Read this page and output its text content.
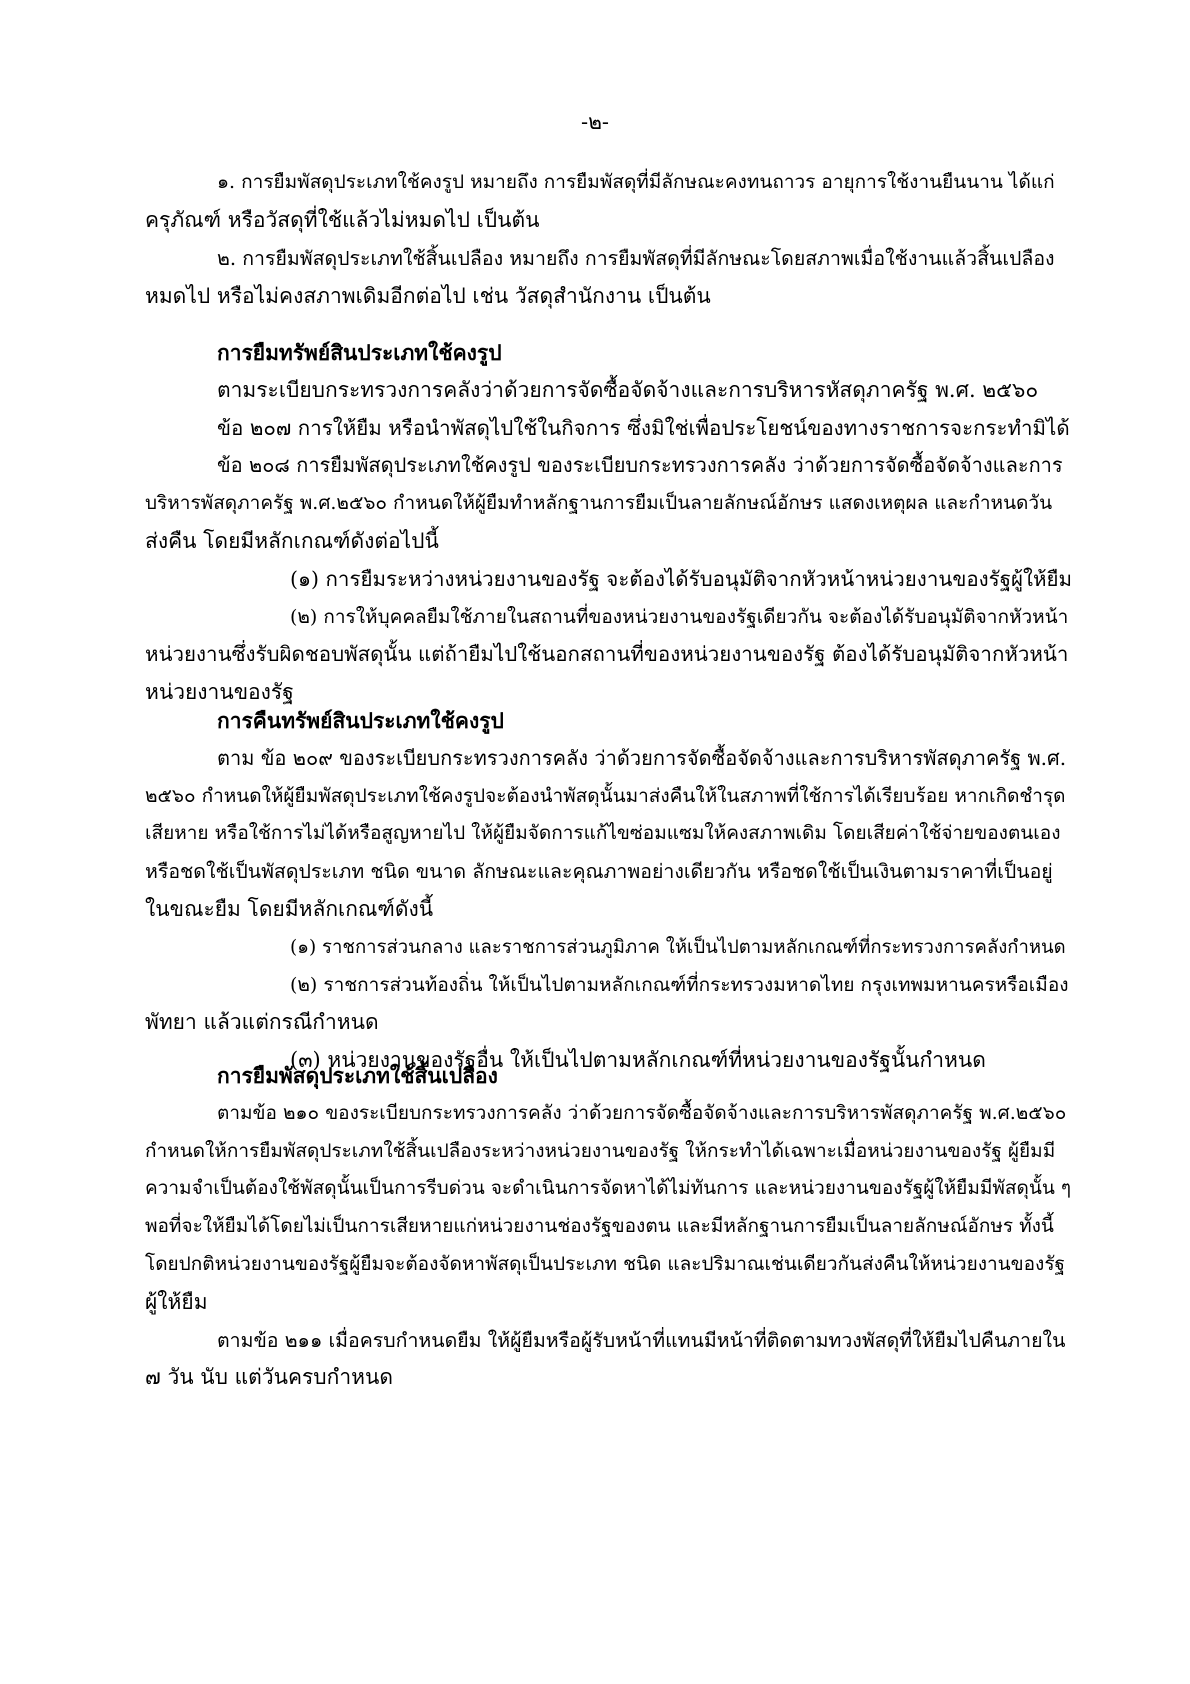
-๒-

๑. การยืมพัสดุประเภทใช้คงรูป หมายถึง การยืมพัสดุที่มีลักษณะคงทนถาวร อายุการใช้งานยืนนาน ได้แก่
ครุภัณฑ์ หรือวัสดุที่ใช้แล้วไม่หมดไป เป็นต้น

๒. การยืมพัสดุประเภทใช้สิ้นเปลือง หมายถึง การยืมพัสดุที่มีลักษณะโดยสภาพเมื่อใช้งานแล้วสิ้นเปลือง
หมดไป หรือไม่คงสภาพเดิมอีกต่อไป เช่น วัสดุสำนักงาน เป็นต้น

การยืมทรัพย์สินประเภทใช้คงรูป
ตามระเบียบกระทรวงการคลังว่าด้วยการจัดซื้อจัดจ้างและการบริหารหัสดุภาครัฐ พ.ศ. ๒๕๖๐
ข้อ ๒๐๗ การให้ยืม หรือนำพัสดุไปใช้ในกิจการ ซึ่งมิใช่เพื่อประโยชน์ของทางราชการจะกระทำมิได้
ข้อ ๒๐๘ การยืมพัสดุประเภทใช้คงรูป ของระเบียบกระทรวงการคลัง ว่าด้วยการจัดซื้อจัดจ้างและการ
บริหารพัสดุภาครัฐ พ.ศ.๒๕๖๐ กำหนดให้ผู้ยืมทำหลักฐานการยืมเป็นลายลักษณ์อักษร แสดงเหตุผล และกำหนดวัน
ส่งคืน โดยมีหลักเกณฑ์ดังต่อไปนี้
(๑) การยืมระหว่างหน่วยงานของรัฐ จะต้องได้รับอนุมัติจากหัวหน้าหน่วยงานของรัฐผู้ให้ยืม
(๒) การให้บุคคลยืมใช้ภายในสถานที่ของหน่วยงานของรัฐเดียวกัน จะต้องได้รับอนุมัติจากหัวหน้า
หน่วยงานซึ่งรับผิดชอบพัสดุนั้น แต่ถ้ายืมไปใช้นอกสถานที่ของหน่วยงานของรัฐ ต้องได้รับอนุมัติจากหัวหน้า
หน่วยงานของรัฐ

การคืนทรัพย์สินประเภทใช้คงรูป
ตาม ข้อ ๒๐๙ ของระเบียบกระทรวงการคลัง ว่าด้วยการจัดซื้อจัดจ้างและการบริหารพัสดุภาครัฐ พ.ศ.
๒๕๖๐ กำหนดให้ผู้ยืมพัสดุประเภทใช้คงรูปจะต้องนำพัสดุนั้นมาส่งคืนให้ในสภาพที่ใช้การได้เรียบร้อย หากเกิดชำรุด
เสียหาย หรือใช้การไม่ได้หรือสูญหายไป ให้ผู้ยืมจัดการแก้ไขซ่อมแซมให้คงสภาพเดิม โดยเสียค่าใช้จ่ายของตนเอง
หรือชดใช้เป็นพัสดุประเภท ชนิด ขนาด ลักษณะและคุณภาพอย่างเดียวกัน หรือชดใช้เป็นเงินตามราคาที่เป็นอยู่
ในขณะยืม โดยมีหลักเกณฑ์ดังนี้
(๑) ราชการส่วนกลาง และราชการส่วนภูมิภาค ให้เป็นไปตามหลักเกณฑ์ที่กระทรวงการคลังกำหนด
(๒) ราชการส่วนท้องถิ่น ให้เป็นไปตามหลักเกณฑ์ที่กระทรวงมหาดไทย กรุงเทพมหานครหรือเมือง
พัทยา แล้วแต่กรณีกำหนด
(๓) หน่วยงานของรัฐอื่น ให้เป็นไปตามหลักเกณฑ์ที่หน่วยงานของรัฐนั้นกำหนด

การยืมพัสดุประเภทใช้สิ้นเปลือง
ตามข้อ ๒๑๐ ของระเบียบกระทรวงการคลัง ว่าด้วยการจัดซื้อจัดจ้างและการบริหารพัสดุภาครัฐ พ.ศ.๒๕๖๐
กำหนดให้การยืมพัสดุประเภทใช้สิ้นเปลืองระหว่างหน่วยงานของรัฐ ให้กระทำได้เฉพาะเมื่อหน่วยงานของรัฐ ผู้ยืมมี
ความจำเป็นต้องใช้พัสดุนั้นเป็นการรีบด่วน จะดำเนินการจัดหาได้ไม่ทันการ และหน่วยงานของรัฐผู้ให้ยืมมีพัสดุนั้น ๆ
พอที่จะให้ยืมได้โดยไม่เป็นการเสียหายแก่หน่วยงานช่องรัฐของตน และมีหลักฐานการยืมเป็นลายลักษณ์อักษร ทั้งนี้
โดยปกติหน่วยงานของรัฐผู้ยืมจะต้องจัดหาพัสดุเป็นประเภท ชนิด และปริมาณเช่นเดียวกันส่งคืนให้หน่วยงานของรัฐ
ผู้ให้ยืม
ตามข้อ ๒๑๑ เมื่อครบกำหนดยืม ให้ผู้ยืมหรือผู้รับหน้าที่แทนมีหน้าที่ติดตามทวงพัสดุที่ให้ยืมไปคืนภายใน
๗ วัน นับ แต่วันครบกำหนด
